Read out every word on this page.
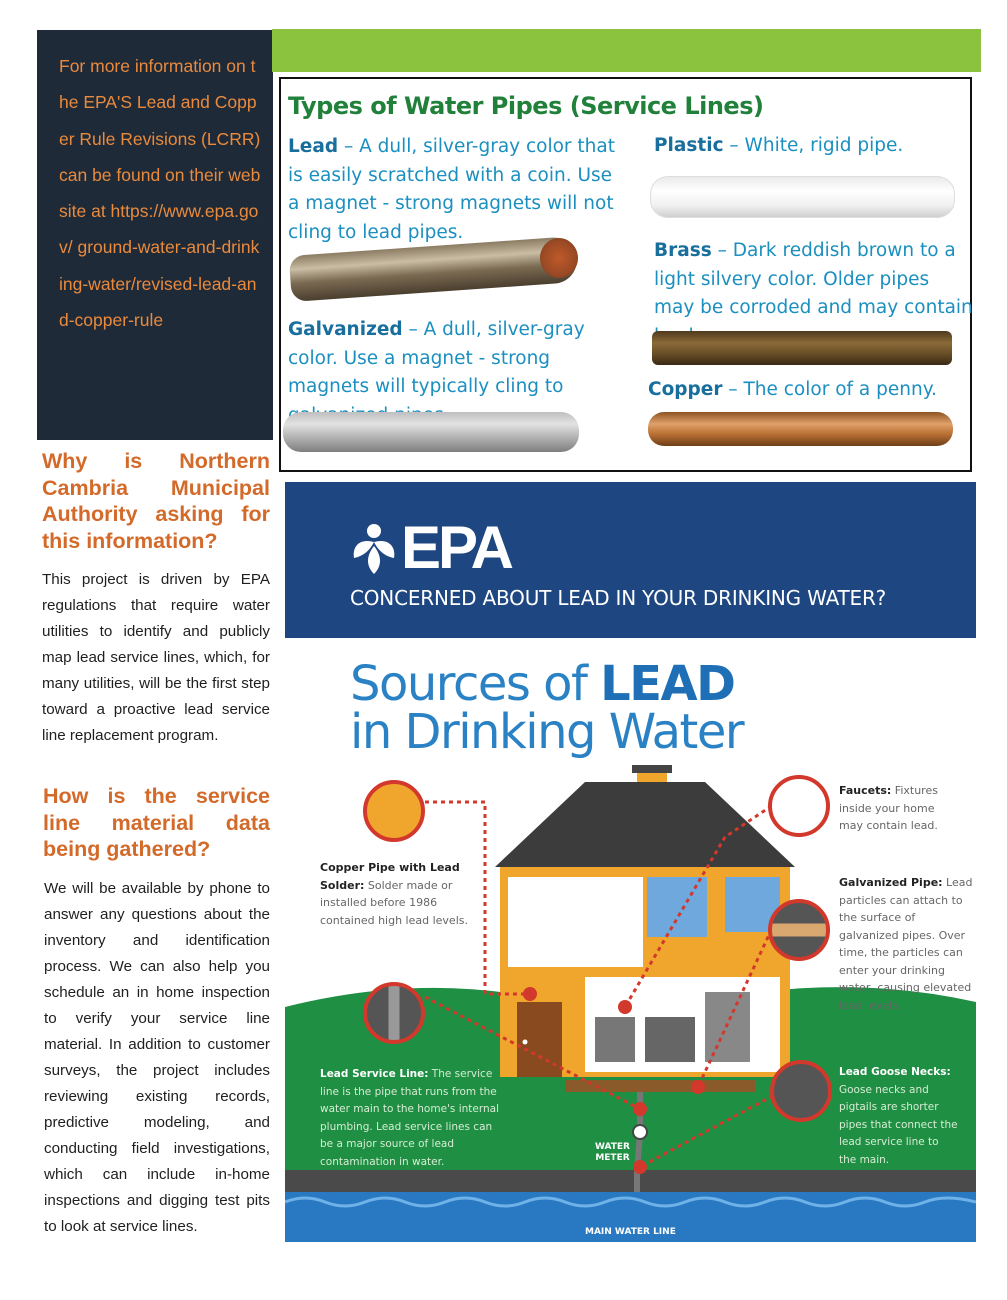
For more information on the EPA'S Lead and Copper Rule Revisions (LCRR) can be found on their website at https://www.epa.gov/ ground-water-and-drinking-water/revised-lead-and-copper-rule

Why is Northern Cambria Municipal Authority asking for this information?

This project is driven by EPA regulations that require water utilities to identify and publicly map lead service lines, which, for many utilities, will be the first step toward a proactive lead service line replacement program.

How is the service line material data being gathered?

We will be available by phone to answer any questions about the inventory and identification process. We can also help you schedule an in home inspection to verify your service line material. In addition to customer surveys, the project includes reviewing existing records, predictive modeling, and conducting field investigations, which can include in-home inspections and digging test pits to look at service lines.

Types of Water Pipes (Service Lines)

Lead – A dull, silver-gray color that is easily scratched with a coin. Use a magnet - strong magnets will not cling to lead pipes.

Galvanized – A dull, silver-gray color. Use a magnet - strong magnets will typically cling to

Plastic – White, rigid pipe.

Brass – Dark reddish brown to a light silvery color. Older pipes may be corroded and may contain

Copper – The color of a penny.

EPA
CONCERNED ABOUT LEAD IN YOUR DRINKING WATER?
Sources of LEAD
in Drinking Water
Copper Pipe with Lead Solder: Solder made or installed before 1986 contained high lead levels.
Faucets: Fixtures inside your home may contain lead.
Galvanized Pipe: Lead particles can attach to the surface of galvanized pipes. Over time, the particles can enter your drinking water, causing elevated lead levels.
Lead Service Line: The service line is the pipe that runs from the water main to the home's internal plumbing. Lead service lines can be a major source of lead contamination in water.
Lead Goose Necks: Goose necks and pigtails are shorter pipes that connect the lead service line to the main.
WATER METER
MAIN WATER LINE
